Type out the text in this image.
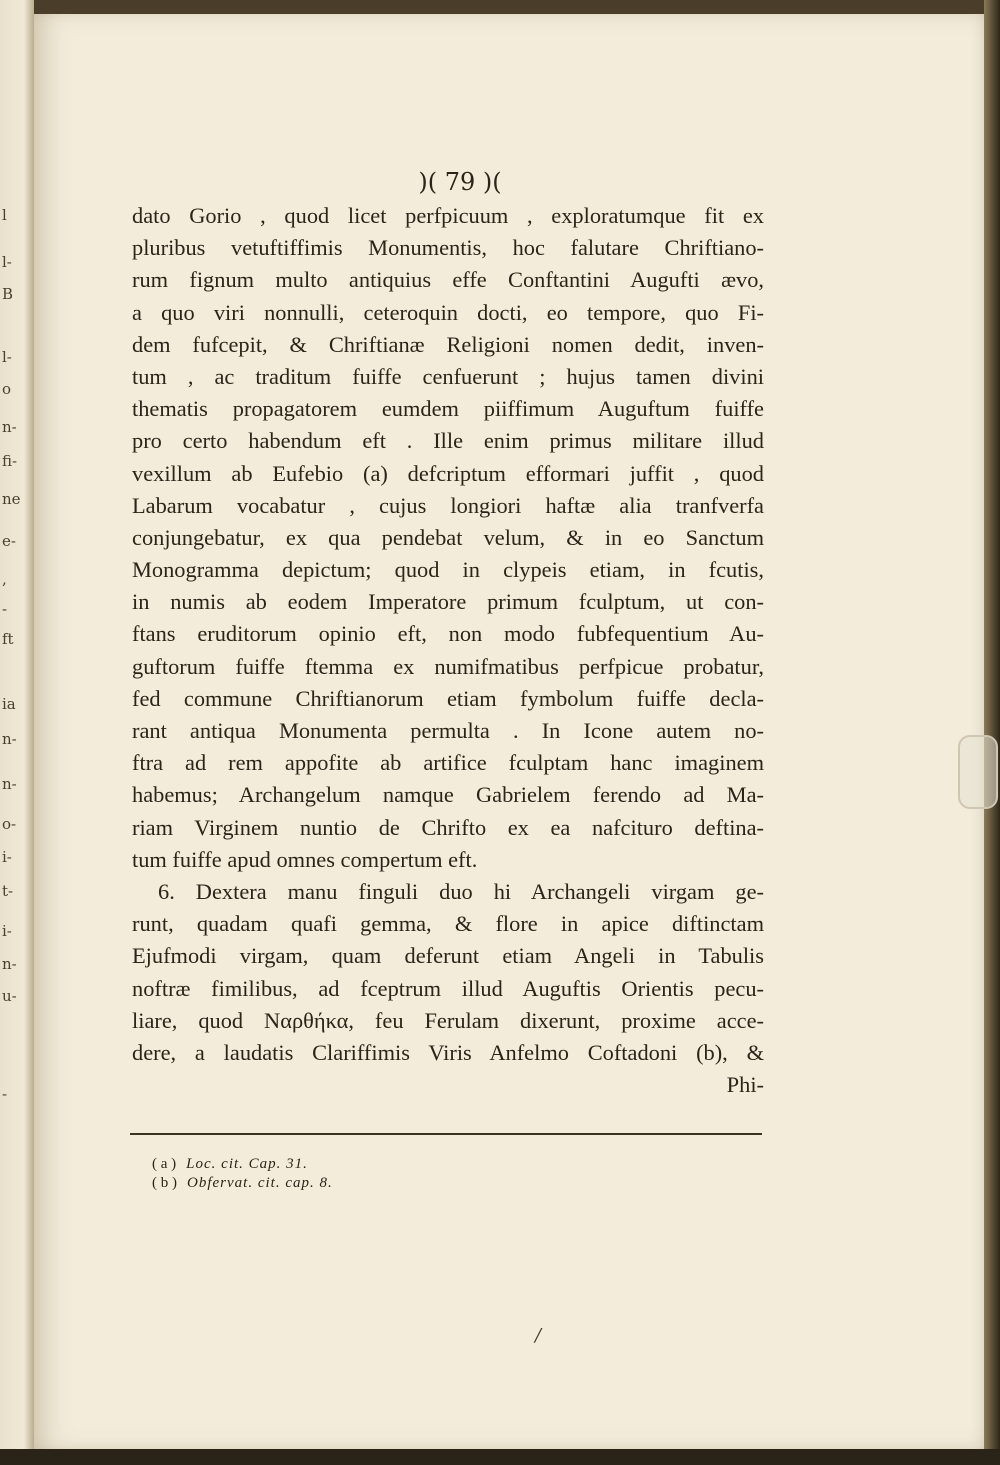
l
l-
B
l-
o
n-
fi-
ne
e-
,
-
ft
ia
n-
n-
o-
i-
t-
i-
n-
u-
-
)( 79 )(
dato Gorio , quod licet perfpicuum , exploratumque fit ex
pluribus vetuftiffimis Monumentis, hoc falutare Chriftiano-
rum fignum multo antiquius effe Conftantini Augufti ævo,
a quo viri nonnulli, ceteroquin docti, eo tempore, quo Fi-
dem fufcepit, & Chriftianæ Religioni nomen dedit, inven-
tum , ac traditum fuiffe cenfuerunt ; hujus tamen divini
thematis propagatorem eumdem piiffimum Auguftum fuiffe
pro certo habendum eft . Ille enim primus militare illud
vexillum ab Eufebio (a) defcriptum efformari juffit , quod
Labarum vocabatur , cujus longiori haftæ alia tranfverfa
conjungebatur, ex qua pendebat velum, & in eo Sanctum
Monogramma depictum; quod in clypeis etiam, in fcutis,
in numis ab eodem Imperatore primum fculptum, ut con-
ftans eruditorum opinio eft, non modo fubfequentium Au-
guftorum fuiffe ftemma ex numifmatibus perfpicue probatur,
fed commune Chriftianorum etiam fymbolum fuiffe decla-
rant antiqua Monumenta permulta . In Icone autem no-
ftra ad rem appofite ab artifice fculptam hanc imaginem
habemus; Archangelum namque Gabrielem ferendo ad Ma-
riam Virginem nuntio de Chrifto ex ea nafcituro deftina-
tum fuiffe apud omnes compertum eft.
6. Dextera manu finguli duo hi Archangeli virgam ge-
runt, quadam quafi gemma, & flore in apice diftinctam
Ejufmodi virgam, quam deferunt etiam Angeli in Tabulis
noftræ fimilibus, ad fceptrum illud Auguftis Orientis pecu-
liare, quod Ναρθήκα, feu Ferulam dixerunt, proxime acce-
dere, a laudatis Clariffimis Viris Anfelmo Coftadoni (b), &
Phi-
( a ) Loc. cit. Cap. 31.
( b ) Obfervat. cit. cap. 8.
/
